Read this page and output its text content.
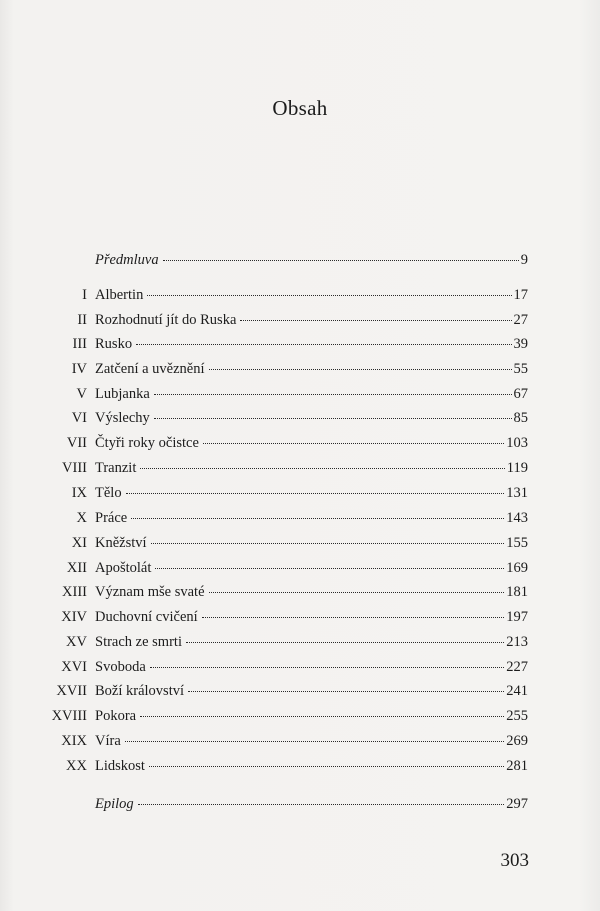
Obsah
Předmluva	9
I Albertin	17
II Rozhodnutí jít do Ruska	27
III Rusko	39
IV Zatčení a uvěznění	55
V Lubjanka	67
VI Výslechy	85
VII Čtyři roky očistce	103
VIII Tranzit	119
IX Tělo	131
X Práce	143
XI Kněžství	155
XII Apoštolát	169
XIII Význam mše svaté	181
XIV Duchovní cvičení	197
XV Strach ze smrti	213
XVI Svoboda	227
XVII Boží království	241
XVIII Pokora	255
XIX Víra	269
XX Lidskost	281
Epilog	297
303
